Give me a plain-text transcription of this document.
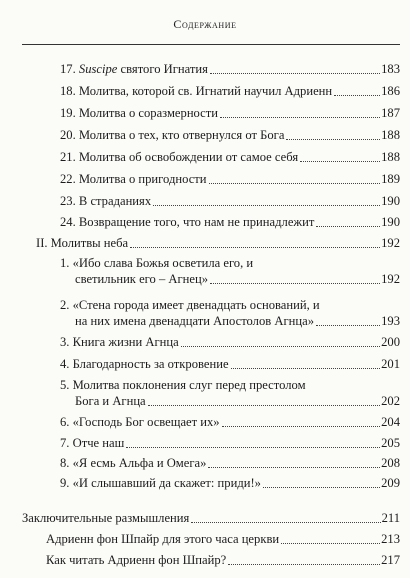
Содержание
17. Suscipe святого Игнатия	183
18. Молитва, которой св. Игнатий научил Адриенн	186
19. Молитва о соразмерности	187
20. Молитва о тех, кто отвернулся от Бога	188
21. Молитва об освобождении от самое себя	188
22. Молитва о пригодности	189
23. В страданиях	190
24. Возвращение того, что нам не принадлежит	190
II. Молитвы неба	192
1. «Ибо слава Божья осветила его, и
светильник его – Агнец»	192
2. «Стена города имеет двенадцать оснований, и
на них имена двенадцати Апостолов Агнца»	193
3. Книга жизни Агнца	200
4. Благодарность за откровение	201
5. Молитва поклонения слуг перед престолом
Бога и Агнца	202
6. «Господь Бог освещает их»	204
7. Отче наш	205
8. «Я есмь Альфа и Омега»	208
9. «И слышавший да скажет: приди!»	209
Заключительные размышления	211
Адриенн фон Шпайр для этого часа церкви	213
Как читать Адриенн фон Шпайр?	217
